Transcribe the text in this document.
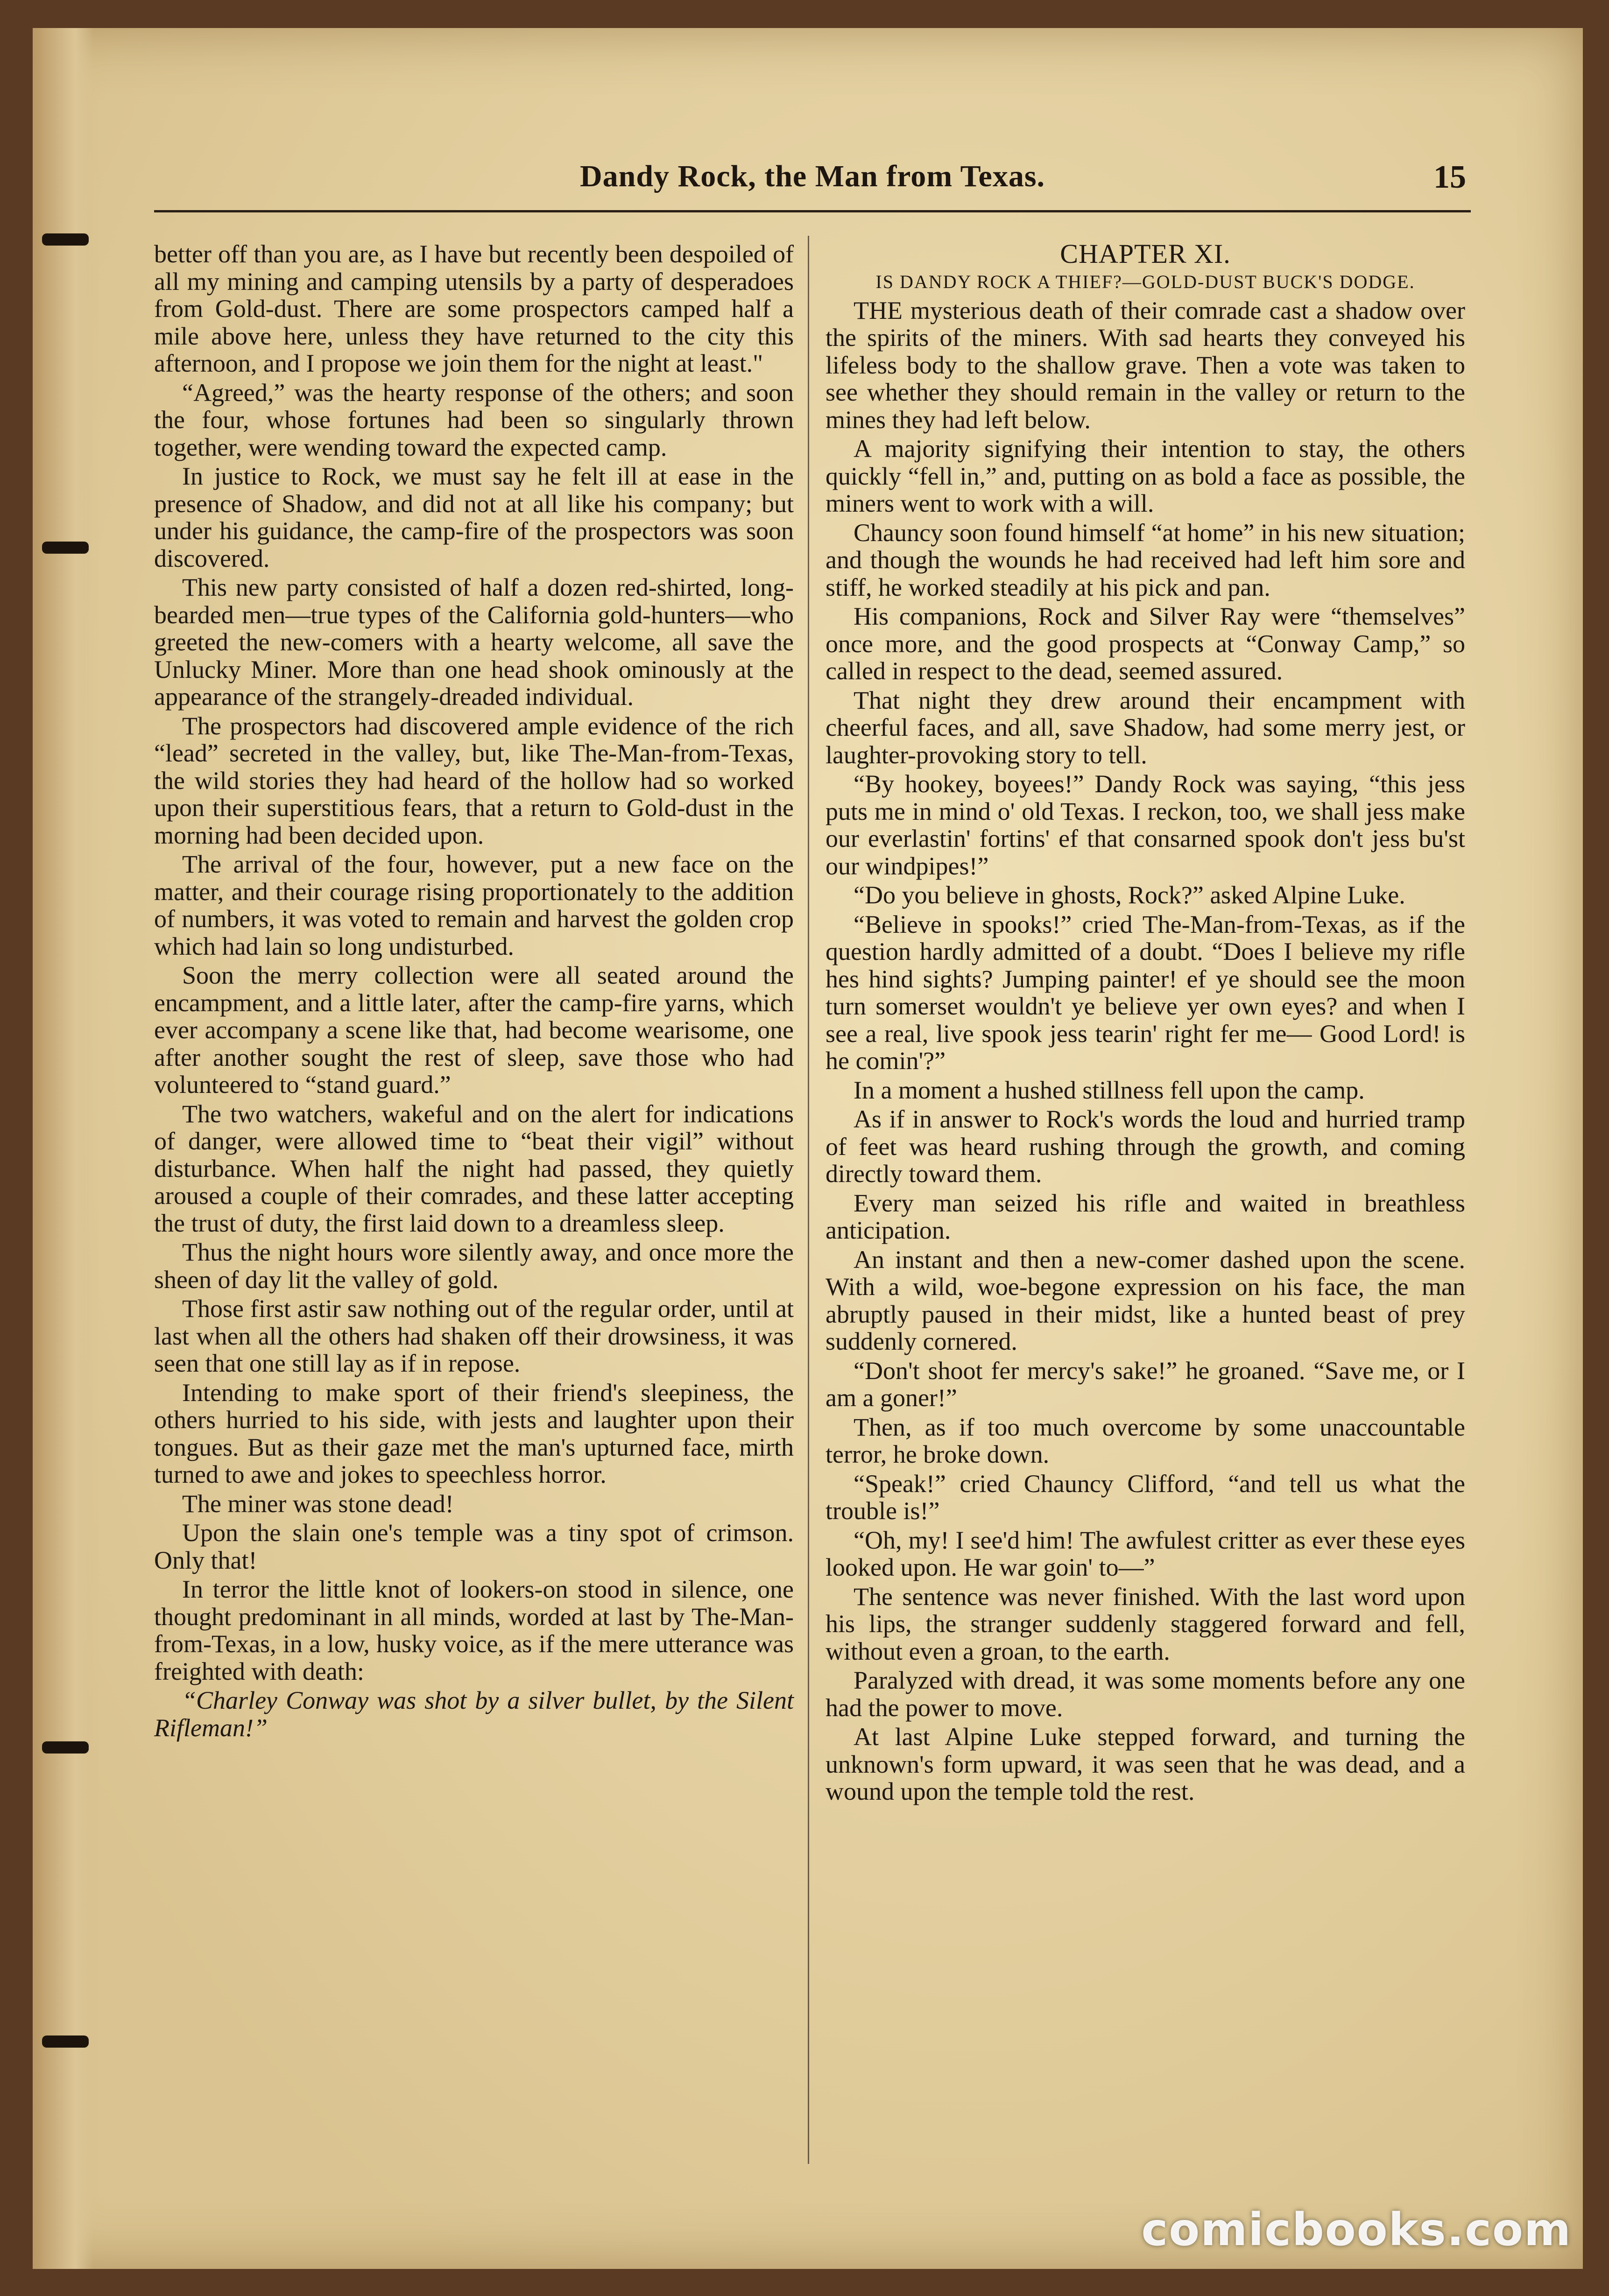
Dandy Rock, the Man from Texas.	15

better off than you are, as I have but recently been despoiled of all my mining and camping utensils by a party of desperadoes from Gold-dust. There are some prospectors camped half a mile above here, unless they have returned to the city this afternoon, and I propose we join them for the night at least."

“Agreed,” was the hearty response of the others; and soon the four, whose fortunes had been so singularly thrown together, were wending toward the expected camp.

In justice to Rock, we must say he felt ill at ease in the presence of Shadow, and did not at all like his company; but under his guidance, the camp-fire of the prospectors was soon discovered.

This new party consisted of half a dozen red-shirted, long-bearded men—true types of the California gold-hunters—who greeted the new-comers with a hearty welcome, all save the Unlucky Miner. More than one head shook ominously at the appearance of the strangely-dreaded individual.

The prospectors had discovered ample evidence of the rich “lead” secreted in the valley, but, like The-Man-from-Texas, the wild stories they had heard of the hollow had so worked upon their superstitious fears, that a return to Gold-dust in the morning had been decided upon.

The arrival of the four, however, put a new face on the matter, and their courage rising proportionately to the addition of numbers, it was voted to remain and harvest the golden crop which had lain so long undisturbed.

Soon the merry collection were all seated around the encampment, and a little later, after the camp-fire yarns, which ever accompany a scene like that, had become wearisome, one after another sought the rest of sleep, save those who had volunteered to “stand guard.”

The two watchers, wakeful and on the alert for indications of danger, were allowed time to “beat their vigil” without disturbance. When half the night had passed, they quietly aroused a couple of their comrades, and these latter accepting the trust of duty, the first laid down to a dreamless sleep.

Thus the night hours wore silently away, and once more the sheen of day lit the valley of gold.

Those first astir saw nothing out of the regular order, until at last when all the others had shaken off their drowsiness, it was seen that one still lay as if in repose.

Intending to make sport of their friend's sleepiness, the others hurried to his side, with jests and laughter upon their tongues. But as their gaze met the man's upturned face, mirth turned to awe and jokes to speechless horror.

The miner was stone dead!

Upon the slain one's temple was a tiny spot of crimson. Only that!

In terror the little knot of lookers-on stood in silence, one thought predominant in all minds, worded at last by The-Man-from-Texas, in a low, husky voice, as if the mere utterance was freighted with death:

“Charley Conway was shot by a silver bullet, by the Silent Rifleman!”

CHAPTER XI.
IS DANDY ROCK A THIEF?—GOLD-DUST BUCK'S DODGE.

THE mysterious death of their comrade cast a shadow over the spirits of the miners. With sad hearts they conveyed his lifeless body to the shallow grave. Then a vote was taken to see whether they should remain in the valley or return to the mines they had left below.

A majority signifying their intention to stay, the others quickly “fell in,” and, putting on as bold a face as possible, the miners went to work with a will.

Chauncy soon found himself “at home” in his new situation; and though the wounds he had received had left him sore and stiff, he worked steadily at his pick and pan.

His companions, Rock and Silver Ray were “themselves” once more, and the good prospects at “Conway Camp,” so called in respect to the dead, seemed assured.

That night they drew around their encampment with cheerful faces, and all, save Shadow, had some merry jest, or laughter-provoking story to tell.

“By hookey, boyees!” Dandy Rock was saying, “this jess puts me in mind o' old Texas. I reckon, too, we shall jess make our everlastin' fortins' ef that consarned spook don't jess bu'st our windpipes!”

“Do you believe in ghosts, Rock?” asked Alpine Luke.

“Believe in spooks!” cried The-Man-from-Texas, as if the question hardly admitted of a doubt. “Does I believe my rifle hes hind sights? Jumping painter! ef ye should see the moon turn somerset wouldn't ye believe yer own eyes? and when I see a real, live spook jess tearin' right fer me— Good Lord! is he comin'?”

In a moment a hushed stillness fell upon the camp.

As if in answer to Rock's words the loud and hurried tramp of feet was heard rushing through the growth, and coming directly toward them.

Every man seized his rifle and waited in breathless anticipation.

An instant and then a new-comer dashed upon the scene. With a wild, woe-begone expression on his face, the man abruptly paused in their midst, like a hunted beast of prey suddenly cornered.

“Don't shoot fer mercy's sake!” he groaned. “Save me, or I am a goner!”

Then, as if too much overcome by some unaccountable terror, he broke down.

“Speak!” cried Chauncy Clifford, “and tell us what the trouble is!”

“Oh, my! I see'd him! The awfulest critter as ever these eyes looked upon. He war goin' to—”

The sentence was never finished. With the last word upon his lips, the stranger suddenly staggered forward and fell, without even a groan, to the earth.

Paralyzed with dread, it was some moments before any one had the power to move.

At last Alpine Luke stepped forward, and turning the unknown's form upward, it was seen that he was dead, and a wound upon the temple told the rest.

comicbooks.com
